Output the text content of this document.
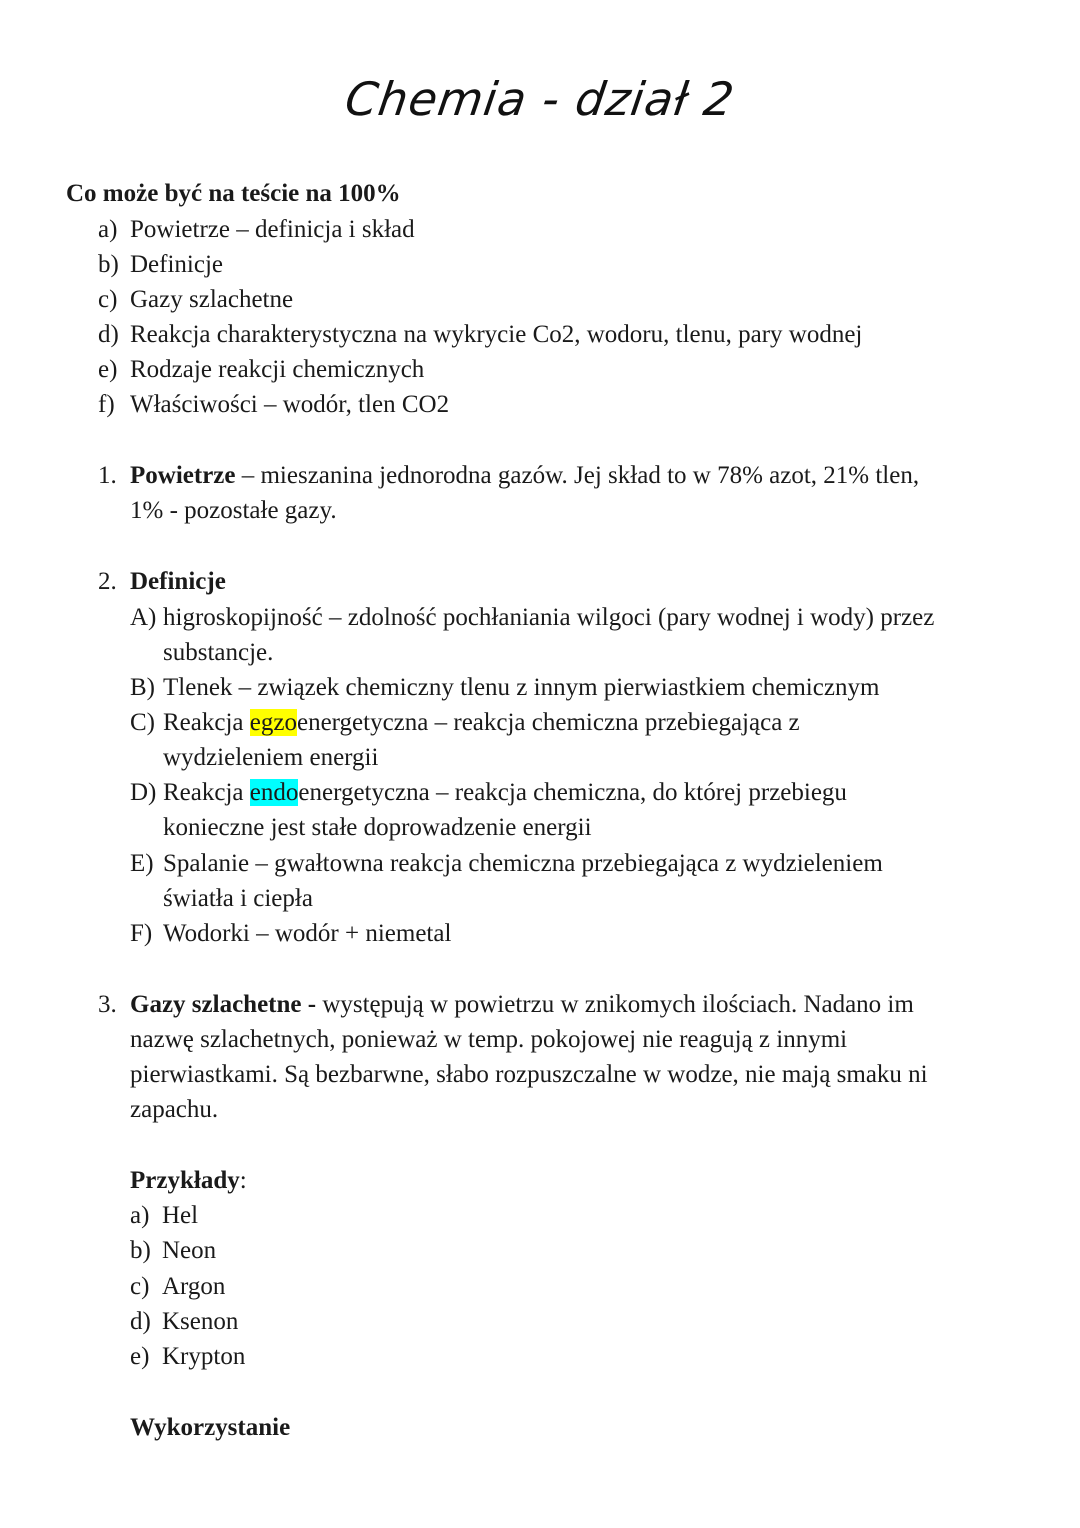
Chemia - dział 2
Co może być na teście na 100%
a) Powietrze – definicja i skład
b) Definicje
c) Gazy szlachetne
d) Reakcja charakterystyczna na wykrycie Co2, wodoru, tlenu, pary wodnej
e) Rodzaje reakcji chemicznych
f) Właściwości – wodór, tlen CO2
1. Powietrze – mieszanina jednorodna gazów. Jej skład to w 78% azot, 21% tlen,
1% - pozostałe gazy.
2. Definicje
A) higroskopijność – zdolność pochłaniania wilgoci (pary wodnej i wody) przez
substancje.
B) Tlenek – związek chemiczny tlenu z innym pierwiastkiem chemicznym
C) Reakcja egzoenergetyczna – reakcja chemiczna przebiegająca z
wydzieleniem energii
D) Reakcja endoenergetyczna – reakcja chemiczna, do której przebiegu
konieczne jest stałe doprowadzenie energii
E) Spalanie – gwałtowna reakcja chemiczna przebiegająca z wydzieleniem
światła i ciepła
F) Wodorki – wodór + niemetal
3. Gazy szlachetne - występują w powietrzu w znikomych ilościach. Nadano im
nazwę szlachetnych, ponieważ w temp. pokojowej nie reagują z innymi
pierwiastkami. Są bezbarwne, słabo rozpuszczalne w wodze, nie mają smaku ni
zapachu.
Przykłady:
a) Hel
b) Neon
c) Argon
d) Ksenon
e) Krypton
Wykorzystanie
